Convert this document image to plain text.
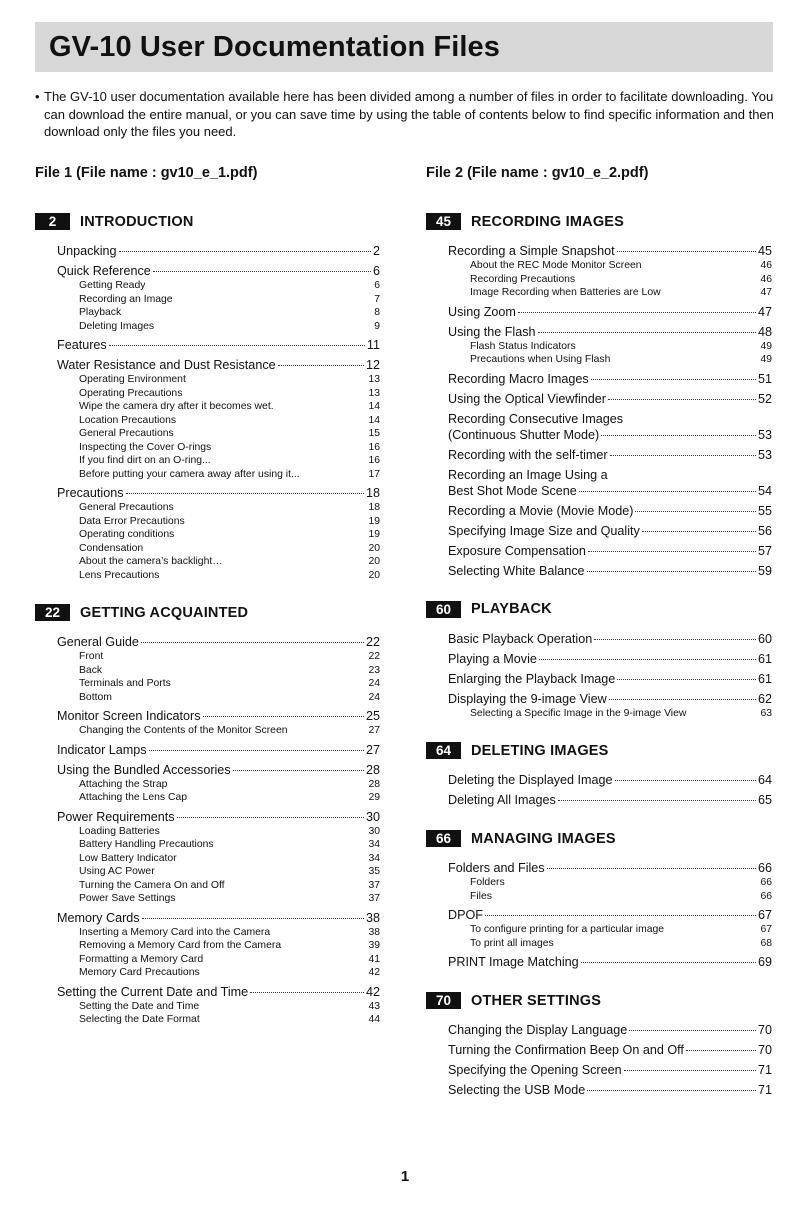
GV-10 User Documentation Files

• The GV-10 user documentation available here has been divided among a number of files in order to facilitate downloading. You can download the entire manual, or you can save time by using the table of contents below to find specific information and then download only the files you need.

File 1 (File name : gv10_e_1.pdf)
2	INTRODUCTION
Unpacking	2
Quick Reference	6
Getting Ready	6
Recording an Image	7
Playback	8
Deleting Images	9
Features	11
Water Resistance and Dust Resistance	12
Operating Environment	13
Operating Precautions	13
Wipe the camera dry after it becomes wet.	14
Location Precautions	14
General Precautions	15
Inspecting the Cover O-rings	16
If you find dirt on an O-ring...	16
Before putting your camera away after using it...	17
Precautions	18
General Precautions	18
Data Error Precautions	19
Operating conditions	19
Condensation	20
About the camera’s backlight…	20
Lens Precautions	20
22	GETTING ACQUAINTED
General Guide	22
Front	22
Back	23
Terminals and Ports	24
Bottom	24
Monitor Screen Indicators	25
Changing the Contents of the Monitor Screen	27
Indicator Lamps	27
Using the Bundled Accessories	28
Attaching the Strap	28
Attaching the Lens Cap	29
Power Requirements	30
Loading Batteries	30
Battery Handling Precautions	34
Low Battery Indicator	34
Using AC Power	35
Turning the Camera On and Off	37
Power Save Settings	37
Memory Cards	38
Inserting a Memory Card into the Camera	38
Removing a Memory Card from the Camera	39
Formatting a Memory Card	41
Memory Card Precautions	42
Setting the Current Date and Time	42
Setting the Date and Time	43
Selecting the Date Format	44
File 2 (File name : gv10_e_2.pdf)
45	RECORDING IMAGES
Recording a Simple Snapshot	45
About the REC Mode Monitor Screen	46
Recording Precautions	46
Image Recording when Batteries are Low	47
Using Zoom	47
Using the Flash	48
Flash Status Indicators	49
Precautions when Using Flash	49
Recording Macro Images	51
Using the Optical Viewfinder	52
Recording Consecutive Images
(Continuous Shutter Mode)	53
Recording with the self-timer	53
Recording an Image Using a
Best Shot Mode Scene	54
Recording a Movie (Movie Mode)	55
Specifying Image Size and Quality	56
Exposure Compensation	57
Selecting White Balance	59
60	PLAYBACK
Basic Playback Operation	60
Playing a Movie	61
Enlarging the Playback Image	61
Displaying the 9-image View	62
Selecting a Specific Image in the 9-image View	63
64	DELETING IMAGES
Deleting the Displayed Image	64
Deleting All Images	65
66	MANAGING IMAGES
Folders and Files	66
Folders	66
Files	66
DPOF	67
To configure printing for a particular image	67
To print all images	68
PRINT Image Matching	69
70	OTHER SETTINGS
Changing the Display Language	70
Turning the Confirmation Beep On and Off	70
Specifying the Opening Screen	71
Selecting the USB Mode	71
1
